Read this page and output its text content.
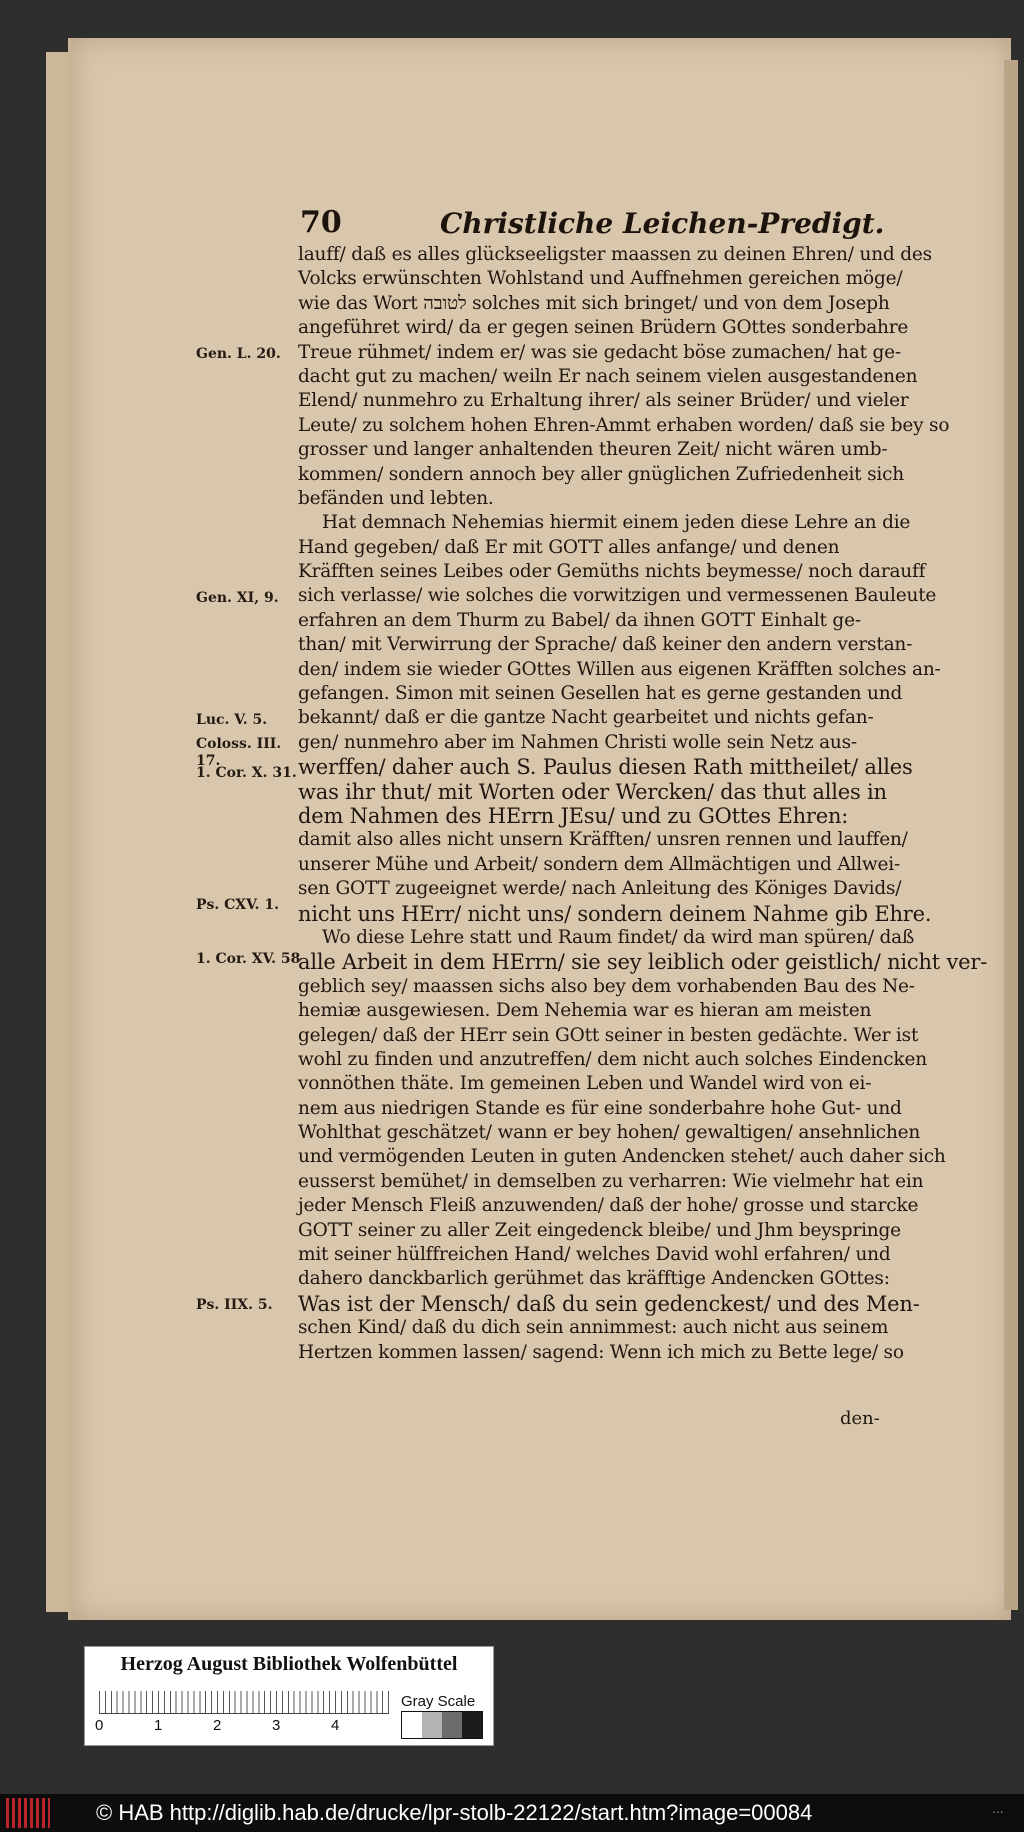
70	Christliche Leichen-Predigt.
lauff/ daß es alles glückseeligster maassen zu deinen Ehren/ und des
Volcks erwünschten Wohlstand und Auffnehmen gereichen möge/
wie das Wort לטובה solches mit sich bringet/ und von dem Joseph
angeführet wird/ da er gegen seinen Brüdern GOttes sonderbahre
Treue rühmet/ indem er/ was sie gedacht böse zumachen/ hat ge-
dacht gut zu machen/ weiln Er nach seinem vielen ausgestandenen
Elend/ nunmehro zu Erhaltung ihrer/ als seiner Brüder/ und vieler
Leute/ zu solchem hohen Ehren-Ammt erhaben worden/ daß sie bey so
grosser und langer anhaltenden theuren Zeit/ nicht wären umb-
kommen/ sondern annoch bey aller gnüglichen Zufriedenheit sich
befänden und lebten.
Hat demnach Nehemias hiermit einem jeden diese Lehre an die
Hand gegeben/ daß Er mit GOTT alles anfange/ und denen
Kräfften seines Leibes oder Gemüths nichts beymesse/ noch darauff
sich verlasse/ wie solches die vorwitzigen und vermessenen Bauleute
erfahren an dem Thurm zu Babel/ da ihnen GOTT Einhalt ge-
than/ mit Verwirrung der Sprache/ daß keiner den andern verstan-
den/ indem sie wieder GOttes Willen aus eigenen Kräfften solches an-
gefangen. Simon mit seinen Gesellen hat es gerne gestanden und
bekannt/ daß er die gantze Nacht gearbeitet und nichts gefan-
gen/ nunmehro aber im Nahmen Christi wolle sein Netz aus-
werffen/ daher auch S. Paulus diesen Rath mittheilet/ alles
was ihr thut/ mit Worten oder Wercken/ das thut alles in
dem Nahmen des HErrn JEsu/ und zu GOttes Ehren:
damit also alles nicht unsern Kräfften/ unsren rennen und lauffen/
unserer Mühe und Arbeit/ sondern dem Allmächtigen und Allwei-
sen GOTT zugeeignet werde/ nach Anleitung des Königes Davids/
nicht uns HErr/ nicht uns/ sondern deinem Nahme gib Ehre.
Wo diese Lehre statt und Raum findet/ da wird man spüren/ daß
alle Arbeit in dem HErrn/ sie sey leiblich oder geistlich/ nicht ver-
geblich sey/ maassen sichs also bey dem vorhabenden Bau des Ne-
hemiæ ausgewiesen. Dem Nehemia war es hieran am meisten
gelegen/ daß der HErr sein GOtt seiner in besten gedächte. Wer ist
wohl zu finden und anzutreffen/ dem nicht auch solches Eindencken
vonnöthen thäte. Im gemeinen Leben und Wandel wird von ei-
nem aus niedrigen Stande es für eine sonderbahre hohe Gut- und
Wohlthat geschätzet/ wann er bey hohen/ gewaltigen/ ansehnlichen
und vermögenden Leuten in guten Andencken stehet/ auch daher sich
eusserst bemühet/ in demselben zu verharren: Wie vielmehr hat ein
jeder Mensch Fleiß anzuwenden/ daß der hohe/ grosse und starcke
GOTT seiner zu aller Zeit eingedenck bleibe/ und Jhm beyspringe
mit seiner hülffreichen Hand/ welches David wohl erfahren/ und
dahero danckbarlich gerühmet das kräfftige Andencken GOttes:
Was ist der Mensch/ daß du sein gedenckest/ und des Men-
schen Kind/ daß du dich sein annimmest: auch nicht aus seinem
Hertzen kommen lassen/ sagend: Wenn ich mich zu Bette lege/ so
Gen. L. 20.
Gen. XI, 9.
Luc. V. 5.
Coloss. III.
17.
1. Cor. X. 31.
Ps. CXV. 1.
1. Cor. XV. 58
Ps. IIX. 5.
den-
Herzog August Bibliothek Wolfenbüttel
0	1	2	3	4
Gray Scale
© HAB http://diglib.hab.de/drucke/lpr-stolb-22122/start.htm?image=00084	...
